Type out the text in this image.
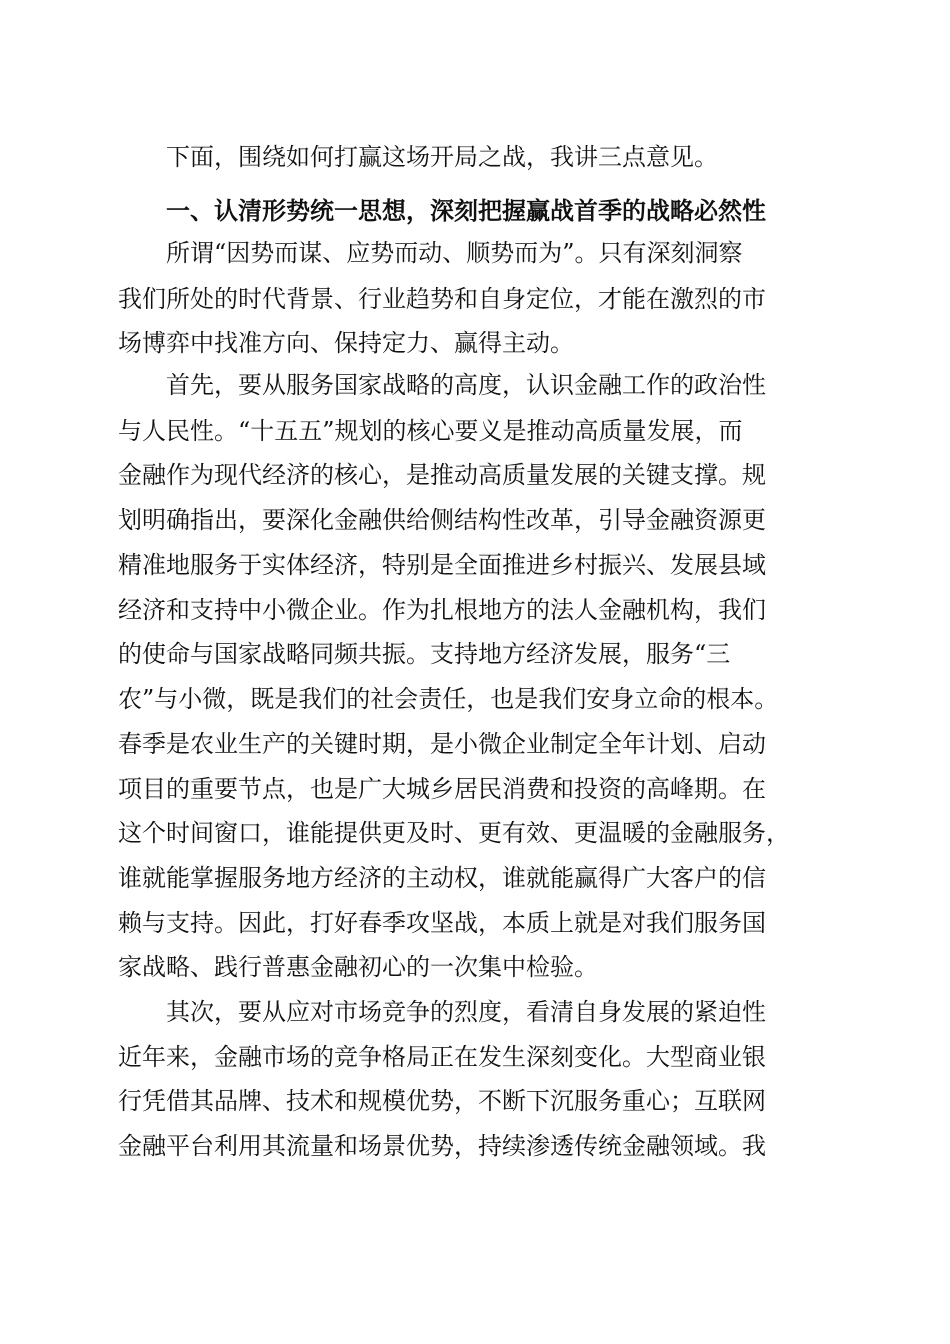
下面，围绕如何打赢这场开局之战，我讲三点意见。
一、认清形势统一思想，深刻把握赢战首季的战略必然性
所谓“因势而谋、应势而动、顺势而为”。只有深刻洞察
我们所处的时代背景、行业趋势和自身定位，才能在激烈的市
场博弈中找准方向、保持定力、赢得主动。
首先，要从服务国家战略的高度，认识金融工作的政治性
与人民性。“十五五”规划的核心要义是推动高质量发展，而
金融作为现代经济的核心，是推动高质量发展的关键支撑。规
划明确指出，要深化金融供给侧结构性改革，引导金融资源更
精准地服务于实体经济，特别是全面推进乡村振兴、发展县域
经济和支持中小微企业。作为扎根地方的法人金融机构，我们
的使命与国家战略同频共振。支持地方经济发展，服务“三
农”与小微，既是我们的社会责任，也是我们安身立命的根本。
春季是农业生产的关键时期，是小微企业制定全年计划、启动
项目的重要节点，也是广大城乡居民消费和投资的高峰期。在
这个时间窗口，谁能提供更及时、更有效、更温暖的金融服务，
谁就能掌握服务地方经济的主动权，谁就能赢得广大客户的信
赖与支持。因此，打好春季攻坚战，本质上就是对我们服务国
家战略、践行普惠金融初心的一次集中检验。
其次，要从应对市场竞争的烈度，看清自身发展的紧迫性
近年来，金融市场的竞争格局正在发生深刻变化。大型商业银
行凭借其品牌、技术和规模优势，不断下沉服务重心；互联网
金融平台利用其流量和场景优势，持续渗透传统金融领域。我
